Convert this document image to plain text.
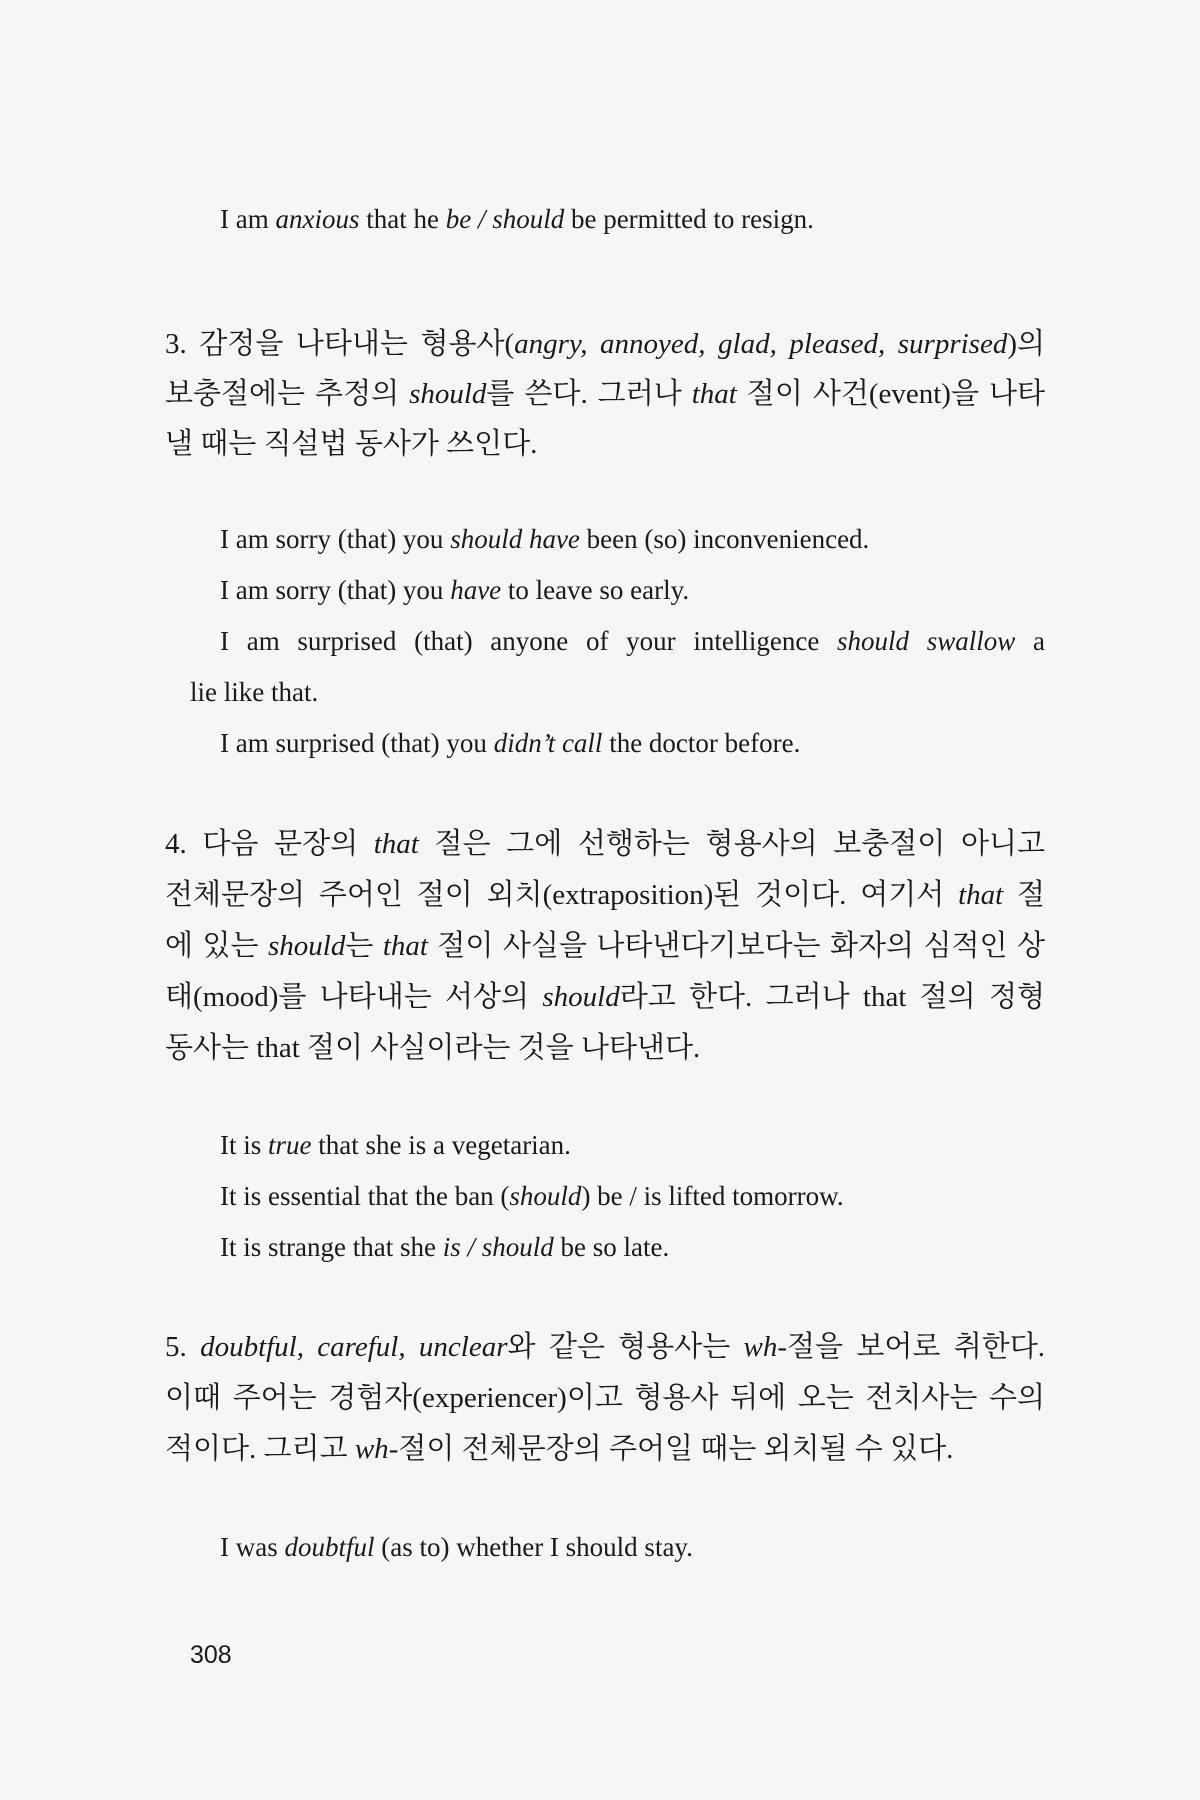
I am anxious that he be / should be permitted to resign.
3. 감정을 나타내는 형용사(angry, annoyed, glad, pleased, surprised)의
보충절에는 추정의 should를 쓴다. 그러나 that 절이 사건(event)을 나타
낼 때는 직설법 동사가 쓰인다.
I am sorry (that) you should have been (so) inconvenienced.
I am sorry (that) you have to leave so early.
I am surprised (that) anyone of your intelligence should swallow a
lie like that.
I am surprised (that) you didn’t call the doctor before.
4. 다음 문장의 that 절은 그에 선행하는 형용사의 보충절이 아니고
전체문장의 주어인 절이 외치(extraposition)된 것이다. 여기서 that 절
에 있는 should는 that 절이 사실을 나타낸다기보다는 화자의 심적인 상
태(mood)를 나타내는 서상의 should라고 한다. 그러나 that 절의 정형
동사는 that 절이 사실이라는 것을 나타낸다.
It is true that she is a vegetarian.
It is essential that the ban (should) be / is lifted tomorrow.
It is strange that she is / should be so late.
5. doubtful, careful, unclear와 같은 형용사는 wh-절을 보어로 취한다.
이때 주어는 경험자(experiencer)이고 형용사 뒤에 오는 전치사는 수의
적이다. 그리고 wh-절이 전체문장의 주어일 때는 외치될 수 있다.
I was doubtful (as to) whether I should stay.
308
